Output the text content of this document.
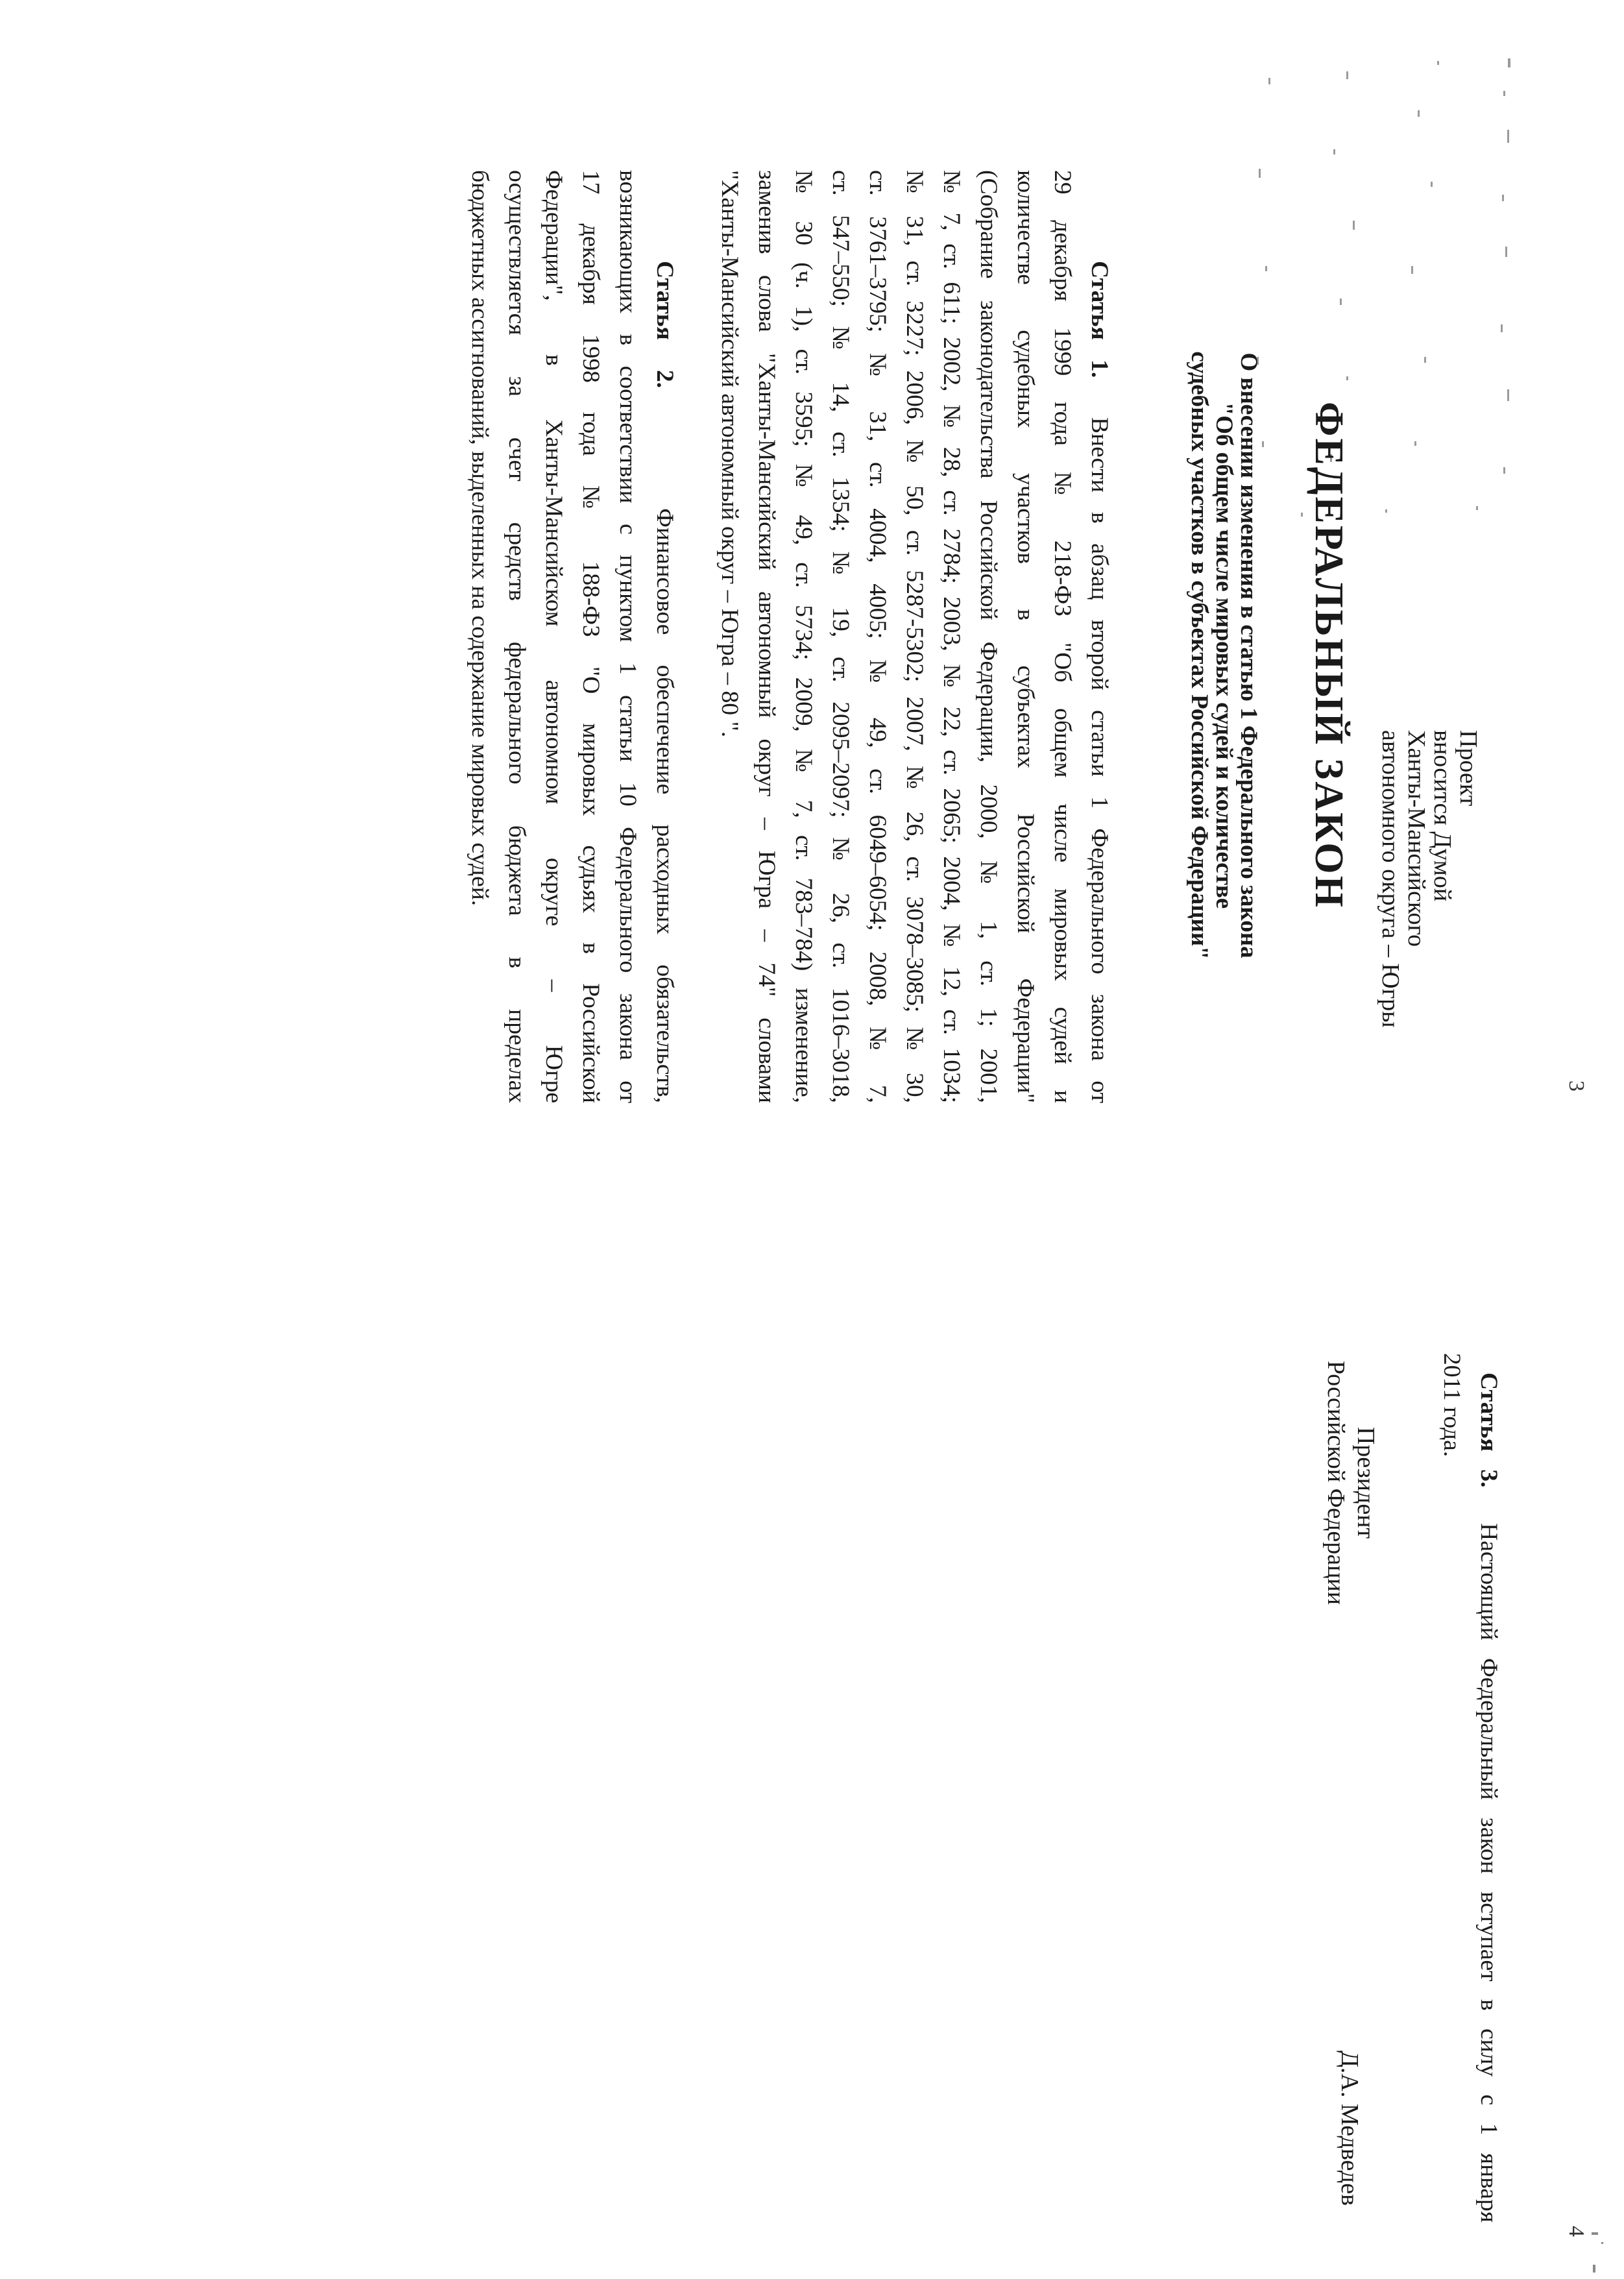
3
Проект
вносится Думой
Ханты-Мансийского
автономного округа – Югры
ФЕДЕРАЛЬНЫЙ ЗАКОН
О внесении изменения в статью 1 Федерального закона
"Об общем числе мировых судей и количестве
судебных участков в субъектах Российской Федерации"
Статья 1.  Внести в абзац второй статьи 1 Федерального закона от
29 декабря 1999 года № 218-ФЗ "Об общем числе мировых судей и
количестве судебных участков в субъектах Российской Федерации"
(Собрание законодательства Российской Федерации, 2000, № 1, ст. 1; 2001,
№ 7, ст. 611; 2002, № 28, ст. 2784; 2003, № 22, ст. 2065; 2004, № 12, ст. 1034;
№ 31, ст. 3227; 2006, № 50, ст. 5287-5302; 2007, № 26, ст. 3078–3085; № 30,
ст. 3761–3795; № 31, ст. 4004, 4005; № 49, ст. 6049–6054; 2008, № 7,
ст. 547–550; № 14, ст. 1354; № 19, ст. 2095–2097; № 26, ст. 1016–3018,
№ 30 (ч. 1), ст. 3595; № 49, ст. 5734; 2009, № 7, ст. 783–784) изменение,
заменив слова "Ханты-Мансийский автономный округ – Югра – 74" словами
"Ханты-Мансийский автономный округ – Югра – 80 ".
Статья 2.    Финансовое обеспечение расходных обязательств,
возникающих в соответствии с пунктом 1 статьи 10 Федерального закона от
17 декабря 1998 года № 188-ФЗ "О мировых судьях в Российской
Федерации", в Ханты-Мансийском автономном округе – Югре
осуществляется за счет средств федерального бюджета в пределах
бюджетных ассигнований, выделенных на содержание мировых судей.
4
Статья 3.  Настоящий Федеральный закон вступает в силу с 1 января
2011 года.
Президент
Российской Федерации
Д.А. Медведев
